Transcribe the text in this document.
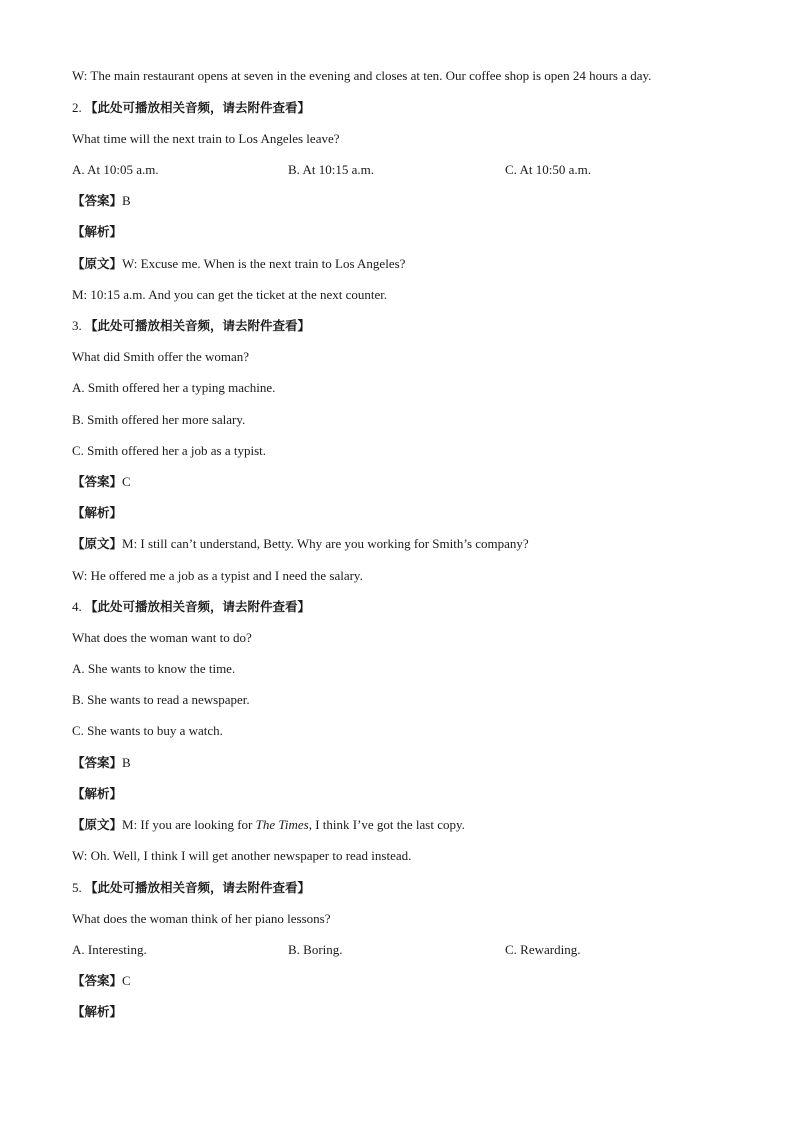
W: The main restaurant opens at seven in the evening and closes at ten. Our coffee shop is open 24 hours a day.
2. 【此处可播放相关音频，请去附件查看】
What time will the next train to Los Angeles leave?
A. At 10:05 a.m.	B. At 10:15 a.m.	C. At 10:50 a.m.
【答案】B
【解析】
【原文】W: Excuse me. When is the next train to Los Angeles?
M: 10:15 a.m. And you can get the ticket at the next counter.
3. 【此处可播放相关音频，请去附件查看】
What did Smith offer the woman?
A. Smith offered her a typing machine.
B. Smith offered her more salary.
C. Smith offered her a job as a typist.
【答案】C
【解析】
【原文】M: I still can’t understand, Betty. Why are you working for Smith’s company?
W: He offered me a job as a typist and I need the salary.
4. 【此处可播放相关音频，请去附件查看】
What does the woman want to do?
A. She wants to know the time.
B. She wants to read a newspaper.
C. She wants to buy a watch.
【答案】B
【解析】
【原文】M: If you are looking for The Times, I think I’ve got the last copy.
W: Oh. Well, I think I will get another newspaper to read instead.
5. 【此处可播放相关音频，请去附件查看】
What does the woman think of her piano lessons?
A. Interesting.	B. Boring.	C. Rewarding.
【答案】C
【解析】
